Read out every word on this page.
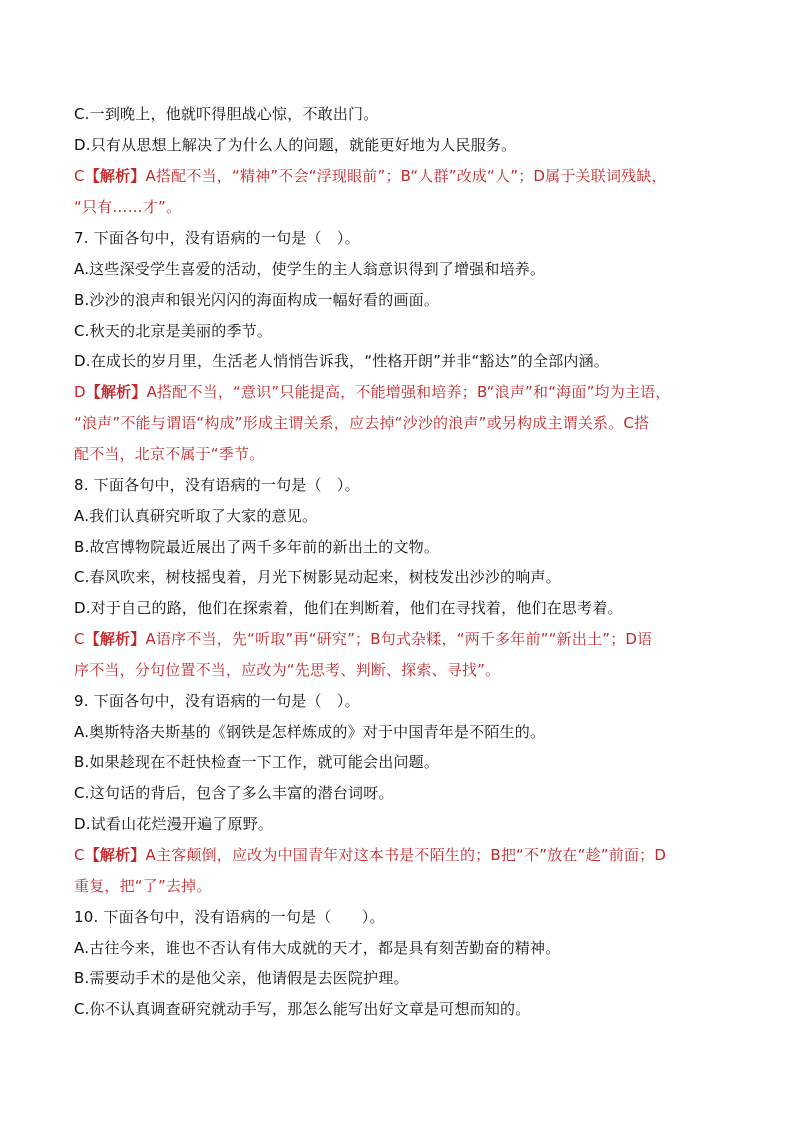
C.一到晚上，他就吓得胆战心惊，不敢出门。
D.只有从思想上解决了为什么人的问题，就能更好地为人民服务。
C【解析】A搭配不当，“精神”不会“浮现眼前”；B“人群”改成“人”；D属于关联词残缺，
“只有……才”。
7. 下面各句中，没有语病的一句是（　）。
A.这些深受学生喜爱的活动，使学生的主人翁意识得到了增强和培养。
B.沙沙的浪声和银光闪闪的海面构成一幅好看的画面。
C.秋天的北京是美丽的季节。
D.在成长的岁月里，生活老人悄悄告诉我，“性格开朗”并非“豁达”的全部内涵。
D【解析】A搭配不当，“意识”只能提高，不能增强和培养；B“浪声”和“海面”均为主语，
“浪声”不能与谓语“构成”形成主谓关系，应去掉“沙沙的浪声”或另构成主谓关系。C搭
配不当，北京不属于“季节。
8. 下面各句中，没有语病的一句是（　）。
A.我们认真研究听取了大家的意见。
B.故宫博物院最近展出了两千多年前的新出土的文物。
C.春风吹来，树枝摇曳着，月光下树影晃动起来，树枝发出沙沙的响声。
D.对于自己的路，他们在探索着，他们在判断着，他们在寻找着，他们在思考着。
C【解析】A语序不当，先“听取”再“研究”；B句式杂糅，“两千多年前”“新出土”；D语
序不当，分句位置不当，应改为“先思考、判断、探索、寻找”。
9. 下面各句中，没有语病的一句是（　）。
A.奥斯特洛夫斯基的《钢铁是怎样炼成的》对于中国青年是不陌生的。
B.如果趁现在不赶快检查一下工作，就可能会出问题。
C.这句话的背后，包含了多么丰富的潜台词呀。
D.试看山花烂漫开遍了原野。
C【解析】A主客颠倒，应改为中国青年对这本书是不陌生的；B把“不”放在“趁”前面；D
重复，把“了”去掉。
10. 下面各句中，没有语病的一句是（　　）。
A.古往今来，谁也不否认有伟大成就的天才，都是具有刻苦勤奋的精神。
B.需要动手术的是他父亲，他请假是去医院护理。
C.你不认真调查研究就动手写，那怎么能写出好文章是可想而知的。
